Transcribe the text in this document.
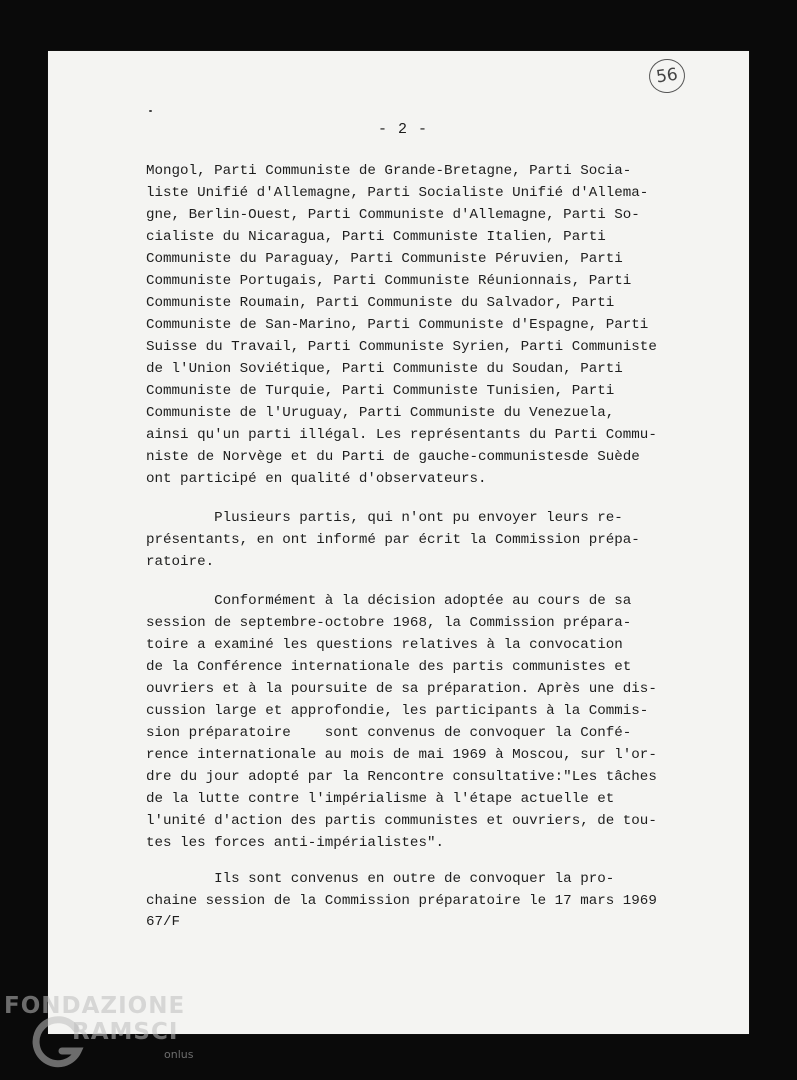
56
- 2 -
Mongol, Parti Communiste de Grande-Bretagne, Parti Socia-
liste Unifié d'Allemagne, Parti Socialiste Unifié d'Allema-
gne, Berlin-Ouest, Parti Communiste d'Allemagne, Parti So-
cialiste du Nicaragua, Parti Communiste Italien, Parti
Communiste du Paraguay, Parti Communiste Péruvien, Parti
Communiste Portugais, Parti Communiste Réunionnais, Parti
Communiste Roumain, Parti Communiste du Salvador, Parti
Communiste de San-Marino, Parti Communiste d'Espagne, Parti
Suisse du Travail, Parti Communiste Syrien, Parti Communiste
de l'Union Soviétique, Parti Communiste du Soudan, Parti
Communiste de Turquie, Parti Communiste Tunisien, Parti
Communiste de l'Uruguay, Parti Communiste du Venezuela,
ainsi qu'un parti illégal. Les représentants du Parti Commu-
niste de Norvège et du Parti de gauche-communistesde Suède
ont participé en qualité d'observateurs.
Plusieurs partis, qui n'ont pu envoyer leurs re-
présentants, en ont informé par écrit la Commission prépa-
ratoire.
Conformément à la décision adoptée au cours de sa
session de septembre-octobre 1968, la Commission prépara-
toire a examiné les questions relatives à la convocation
de la Conférence internationale des partis communistes et
ouvriers et à la poursuite de sa préparation. Après une dis-
cussion large et approfondie, les participants à la Commis-
sion préparatoire    sont convenus de convoquer la Confé-
rence internationale au mois de mai 1969 à Moscou, sur l'or-
dre du jour adopté par la Rencontre consultative:"Les tâches
de la lutte contre l'impérialisme à l'étape actuelle et
l'unité d'action des partis communistes et ouvriers, de tou-
tes les forces anti-impérialistes".
Ils sont convenus en outre de convoquer la pro-
chaine session de la Commission préparatoire le 17 mars 1969
67/F
FONDAZIONE
RAMSCI
onlus
